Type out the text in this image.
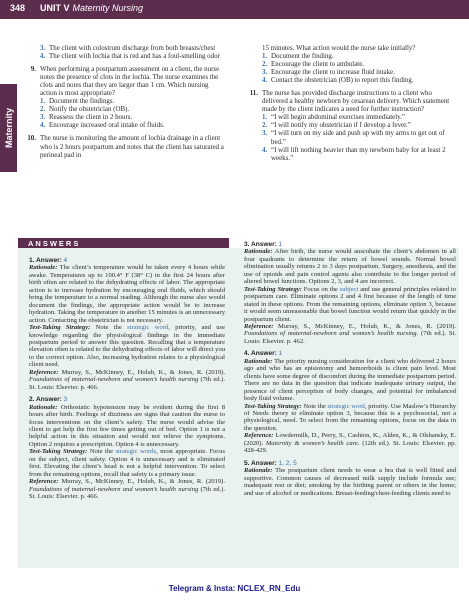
348 UNIT V Maternity Nursing
Maternity
3. The client with colostrum discharge from both breasts/chest
4. The client with lochia that is red and has a foul-smelling odor
9. When performing a postpartum assessment on a client, the nurse notes the presence of clots in the lochia. The nurse examines the clots and notes that they are larger than 1 cm. Which nursing action is most appropriate?
1. Document the findings.
2. Notify the obstetrician (OB).
3. Reassess the client in 2 hours.
4. Encourage increased oral intake of fluids.
10. The nurse is monitoring the amount of lochia drainage in a client who is 2 hours postpartum and notes that the client has saturated a perineal pad in
15 minutes. What action would the nurse take initially?
1. Document the finding.
2. Encourage the client to ambulate.
3. Encourage the client to increase fluid intake.
4. Contact the obstetrician (OB) to report this finding.
11. The nurse has provided discharge instructions to a client who delivered a healthy newborn by cesarean delivery. Which statement made by the client indicates a need for further instruction?
1. “I will begin abdominal exercises immediately.”
2. “I will notify my obstetrician if I develop a fever.”
3. “I will turn on my side and push up with my arms to get out of bed.”
4. “I will lift nothing heavier than my newborn baby for at least 2 weeks.”
ANSWERS

1. Answer: 4

Rationale: The client’s temperature would be taken every 4 hours while awake. Temperatures up to 100.4° F (38° C) in the first 24 hours after birth often are related to the dehydrating effects of labor. The appropriate action is to increase hydration by encouraging oral fluids, which should bring the temperature to a normal reading. Although the nurse also would document the findings, the appropriate action would be to increase hydration. Taking the temperature in another 15 minutes is an unnecessary action. Contacting the obstetrician is not necessary.

Test-Taking Strategy: Note the strategic word, priority, and use knowledge regarding the physiological findings in the immediate postpartum period to answer this question. Recalling that a temperature elevation often is related to the dehydrating effects of labor will direct you to the correct option. Also, increasing hydration relates to a physiological client need.

Reference: Murray, S., McKinney, E., Holub, K., & Jones, R. (2019). Foundations of maternal-newborn and women’s health nursing (7th ed.). St. Louis: Elsevier. p. 466.

2. Answer: 3

Rationale: Orthostatic hypotension may be evident during the first 8 hours after birth. Feelings of dizziness are signs that caution the nurse to focus interventions on the client’s safety. The nurse would advise the client to get help the first few times getting out of bed. Option 1 is not a helpful action in this situation and would not relieve the symptoms. Option 2 requires a prescription. Option 4 is unnecessary.

Test-Taking Strategy: Note the strategic words, most appropriate. Focus on the subject, client safety. Option 4 is unnecessary and is eliminated first. Elevating the client’s head is not a helpful intervention. To select from the remaining options, recall that safety is a primary issue.

Reference: Murray, S., McKinney, E., Holub, K., & Jones, R. (2019). Foundations of maternal-newborn and women’s health nursing (7th ed.). St. Louis: Elsevier. p. 466.

3. Answer: 1

Rationale: After birth, the nurse would auscultate the client’s abdomen in all four quadrants to determine the return of bowel sounds. Normal bowel elimination usually returns 2 to 3 days postpartum. Surgery, anesthesia, and the use of opioids and pain control agents also contribute to the longer period of altered bowel functions. Options 2, 3, and 4 are incorrect.

Test-Taking Strategy: Focus on the subject and use general principles related to postpartum care. Eliminate options 2 and 4 first because of the length of time stated in these options. From the remaining options, eliminate option 3, because it would seem unreasonable that bowel function would return that quickly in the postpartum client.

Reference: Murray, S., McKinney, E., Holub, K., & Jones, R. (2019). Foundations of maternal-newborn and women’s health nursing. (7th ed.). St. Louis: Elsevier. p. 462.

4. Answer: 1

Rationale: The priority nursing consideration for a client who delivered 2 hours ago and who has an episiotomy and hemorrhoids is client pain level. Most clients have some degree of discomfort during the immediate postpartum period. There are no data in the question that indicate inadequate urinary output, the presence of client perception of body changes, and potential for imbalanced body fluid volume.

Test-Taking Strategy: Note the strategic word, priority. Use Maslow’s Hierarchy of Needs theory to eliminate option 3, because this is a psychosocial, not a physiological, need. To select from the remaining options, focus on the data in the question.

Reference: Lowdermilk, D., Perry, S., Cashion, K., Alden, K., & Olshansky, E. (2020). Maternity & women’s health care. (12th ed.). St. Louis: Elsevier. pp. 428-429.

5. Answer: 1, 2, 5

Rationale: The postpartum client needs to wear a bra that is well fitted and supportive. Common causes of decreased milk supply include formula use; inadequate rest or diet; smoking by the birthing parent or others in the home; and use of alcohol or medications. Breast-feeding/chest-feeding clients need to

Telegram & Insta: NCLEX_RN_Edu
